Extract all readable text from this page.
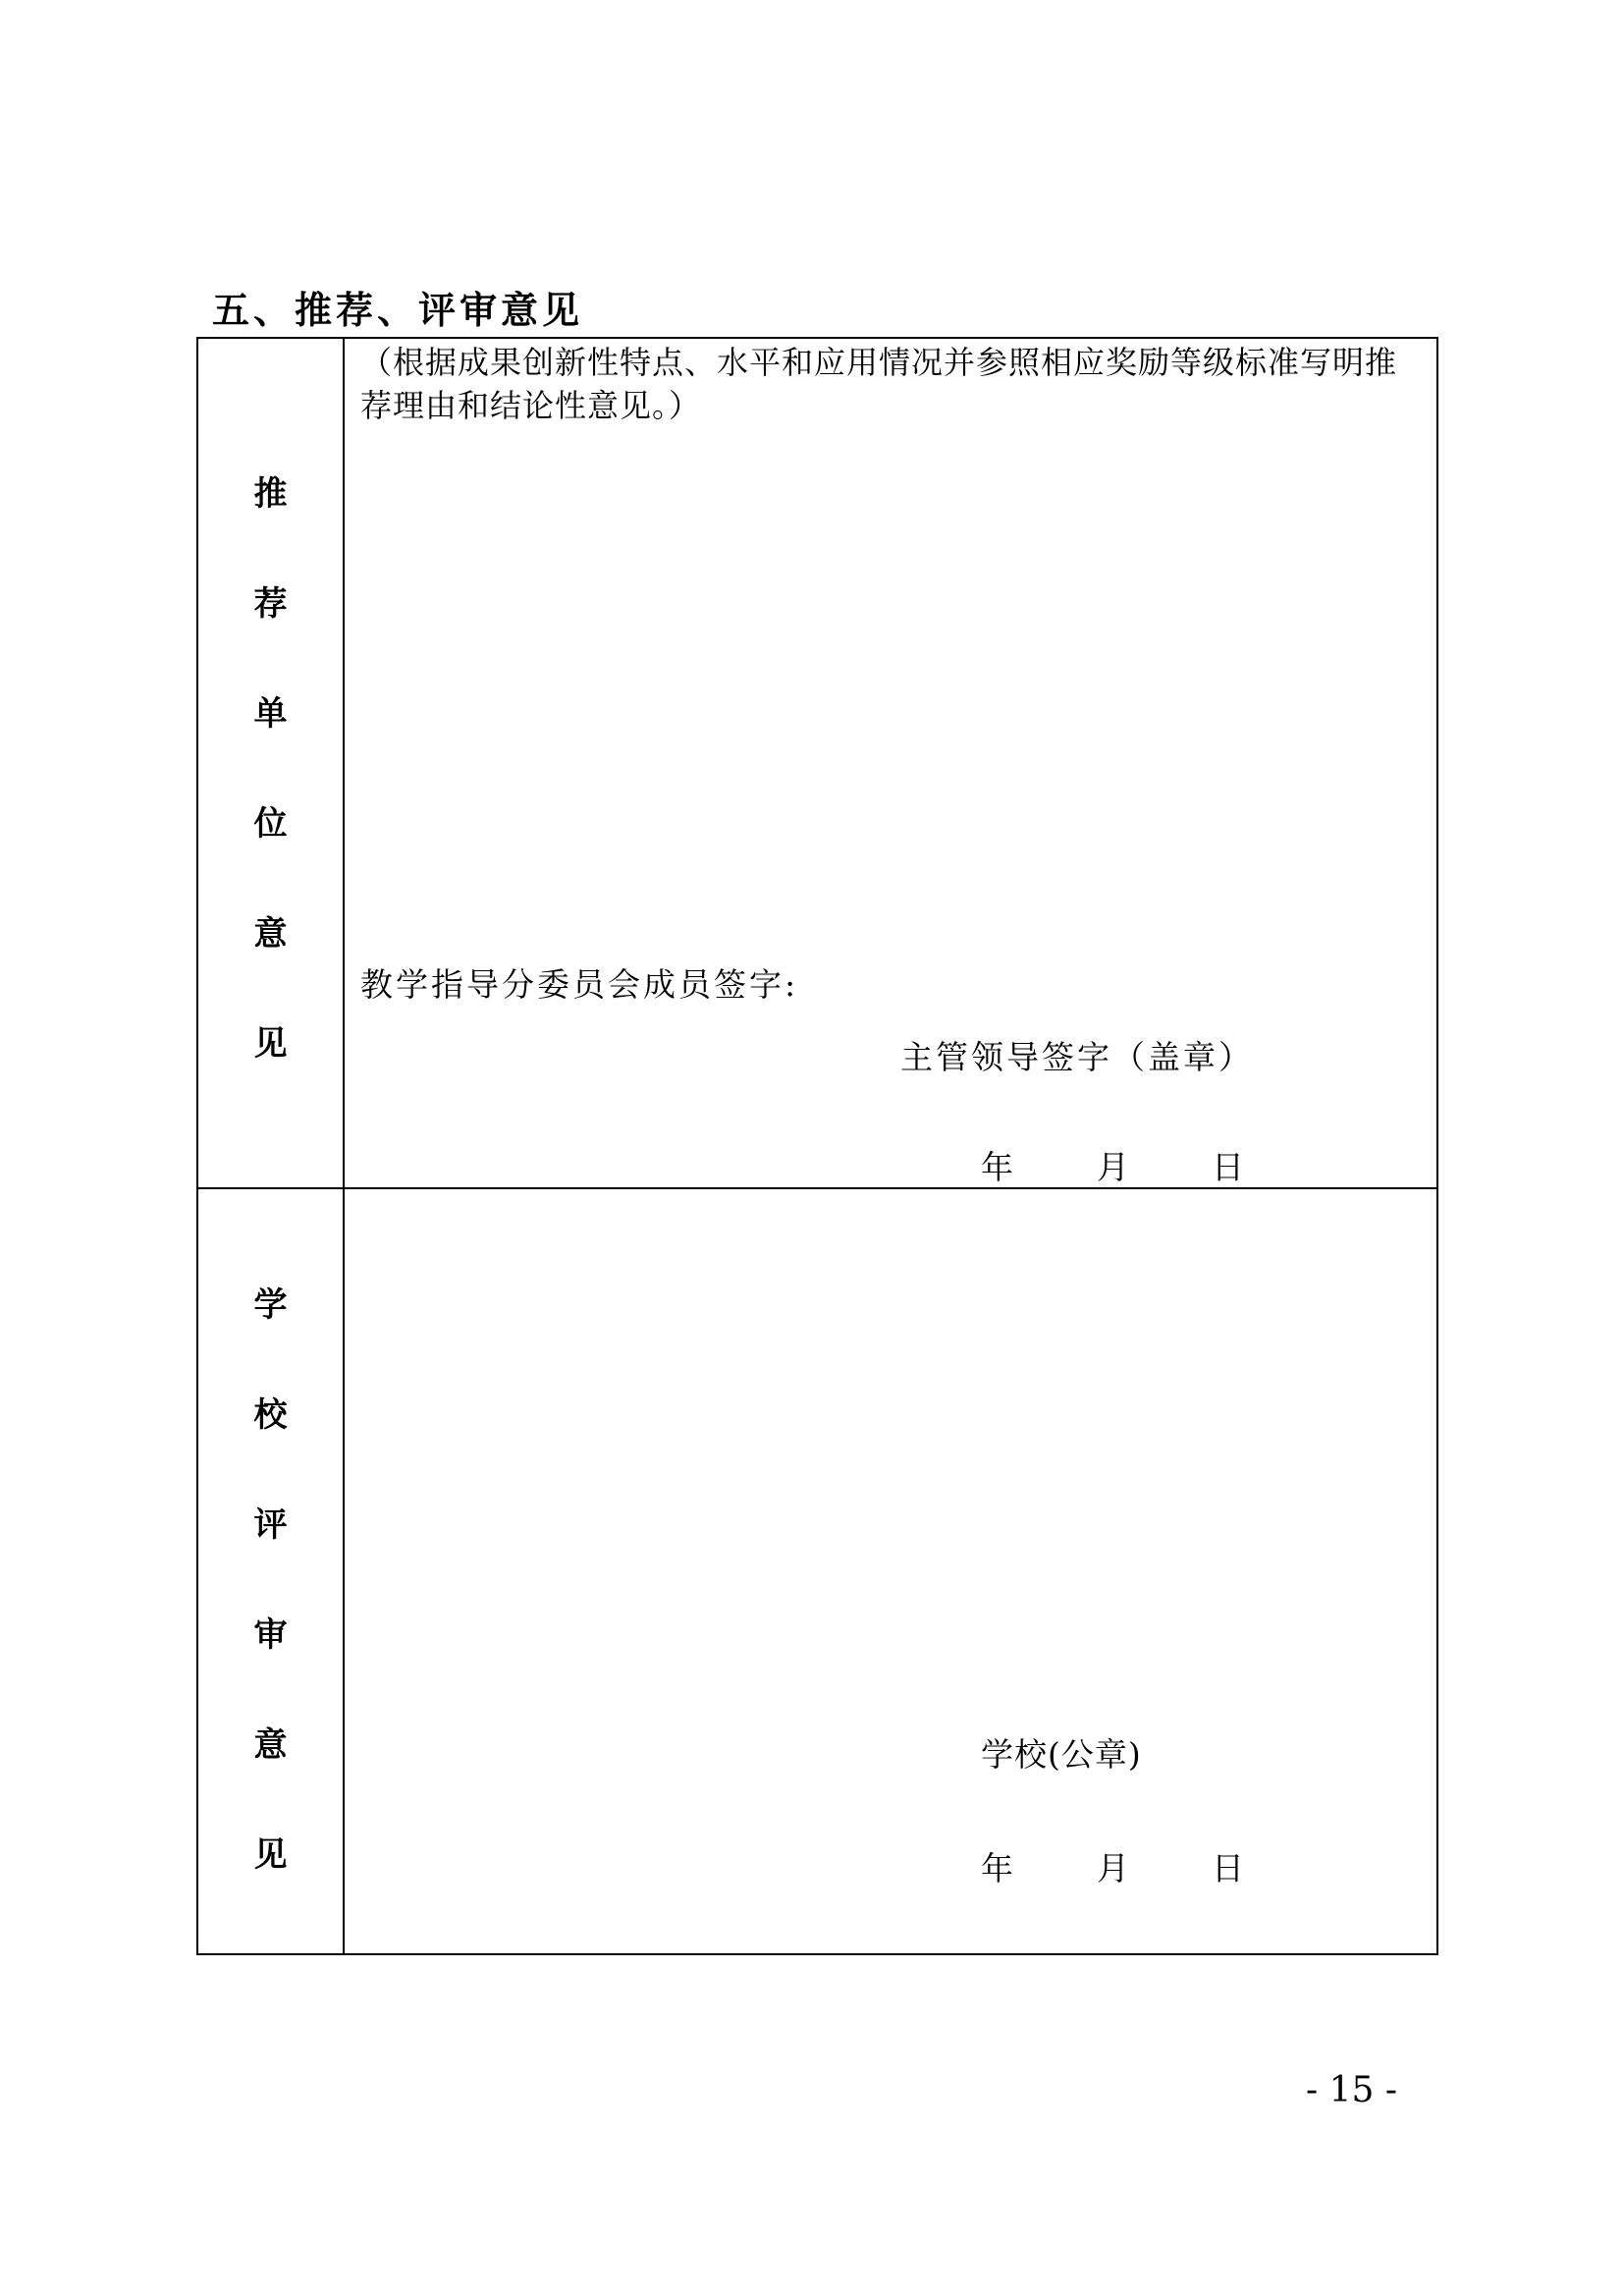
五、推荐、评审意见
推
荐
单
位
意
见
（根据成果创新性特点、水平和应用情况并参照相应奖励等级标准写明推荐理由和结论性意见。）
教学指导分委员会成员签字:
主管领导签字（盖章）
年 月 日
学
校
评
审
意
见
学校(公章)
年 月 日
- 15 -
